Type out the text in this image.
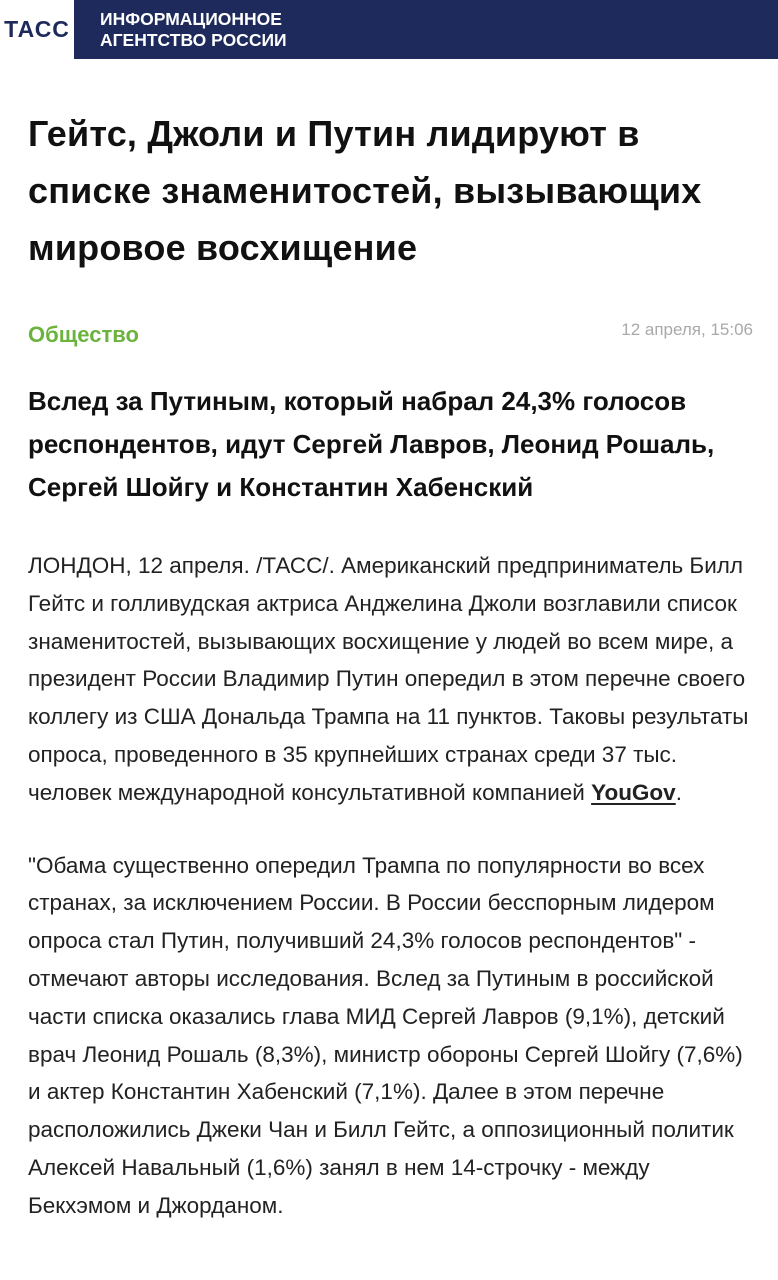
ТАСС ИНФОРМАЦИОННОЕ
АГЕНТСТВО РОССИИ
Гейтс, Джоли и Путин лидируют в списке знаменитостей, вызывающих мировое восхищение
Общество	12 апреля, 15:06

Вслед за Путиным, который набрал 24,3% голосов респондентов, идут Сергей Лавров, Леонид Рошаль, Сергей Шойгу и Константин Хабенский

ЛОНДОН, 12 апреля. /ТАСС/. Американский предприниматель Билл Гейтс и голливудская актриса Анджелина Джоли возглавили список знаменитостей, вызывающих восхищение у людей во всем мире, а президент России Владимир Путин опередил в этом перечне своего коллегу из США Дональда Трампа на 11 пунктов. Таковы результаты опроса, проведенного в 35 крупнейших странах среди 37 тыс. человек международной консультативной компанией YouGov.

"Обама существенно опередил Трампа по популярности во всех странах, за исключением России. В России бесспорным лидером опроса стал Путин, получивший 24,3% голосов респондентов" - отмечают авторы исследования. Вслед за Путиным в российской части списка оказались глава МИД Сергей Лавров (9,1%), детский врач Леонид Рошаль (8,3%), министр обороны Сергей Шойгу (7,6%) и актер Константин Хабенский (7,1%). Далее в этом перечне расположились Джеки Чан и Билл Гейтс, а оппозиционный политик Алексей Навальный (1,6%) занял в нем 14-строчку - между Бекхэмом и Джорданом.
